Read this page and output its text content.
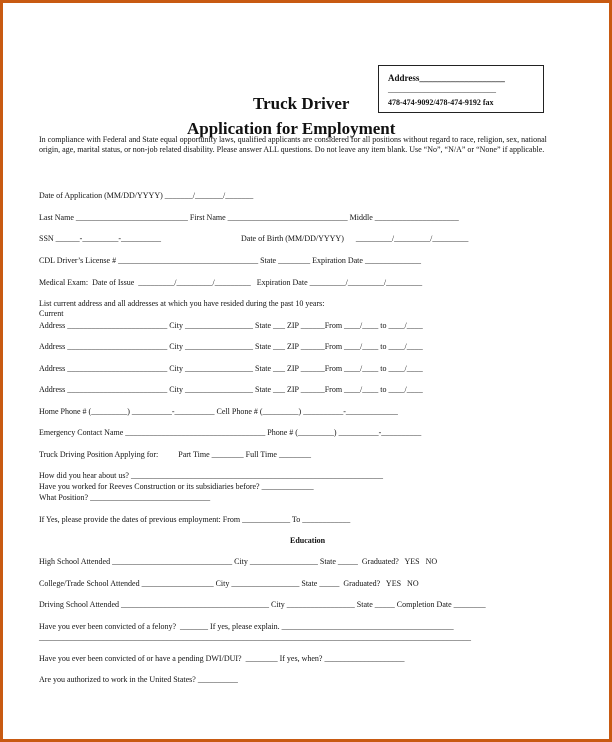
Address___________________
___________________________
478-474-9092/478-474-9192 fax
Truck Driver
Application for Employment
In compliance with Federal and State equal opportunity laws, qualified applicants are considered for all positions without regard to race, religion, sex, national origin, age, marital status, or non-job related disability. Please answer ALL questions. Do not leave any item blank. Use “No”, “N/A” or “None” if applicable.
Date of Application (MM/DD/YYYY) _______/_______/_______
Last Name ____________________________ First Name ______________________________ Middle _____________________
SSN ______-_________-__________	Date of Birth (MM/DD/YYYY)      _________/_________/_________
CDL Driver’s License # ___________________________________ State ________ Expiration Date ______________
Medical Exam:  Date of Issue  _________/_________/_________   Expiration Date _________/_________/_________
List current address and all addresses at which you have resided during the past 10 years:
Current
Address _________________________ City _________________ State ___ ZIP ______From ____/____ to ____/____
Address _________________________ City _________________ State ___ ZIP ______From ____/____ to ____/____
Address _________________________ City _________________ State ___ ZIP ______From ____/____ to ____/____
Address _________________________ City _________________ State ___ ZIP ______From ____/____ to ____/____
Home Phone # (_________) __________-__________ Cell Phone # (_________) __________-_____________
Emergency Contact Name ___________________________________ Phone # (_________) __________-__________
Truck Driving Position Applying for:          Part Time ________ Full Time ________
How did you hear about us? _______________________________________________________________
Have you worked for Reeves Construction or its subsidiaries before? _____________
What Position? ______________________________
If Yes, please provide the dates of previous employment: From ____________ To ____________
Education
High School Attended ______________________________ City _________________ State _____  Graduated?   YES   NO
College/Trade School Attended __________________ City _________________ State _____  Graduated?   YES   NO
Driving School Attended _____________________________________ City _________________ State _____ Completion Date ________
Have you ever been convicted of a felony?  _______ If yes, please explain. ___________________________________________
____________________________________________________________________________________________________________
Have you ever been convicted of or have a pending DWI/DUI?  ________ If yes, when? ____________________
Are you authorized to work in the United States? __________
